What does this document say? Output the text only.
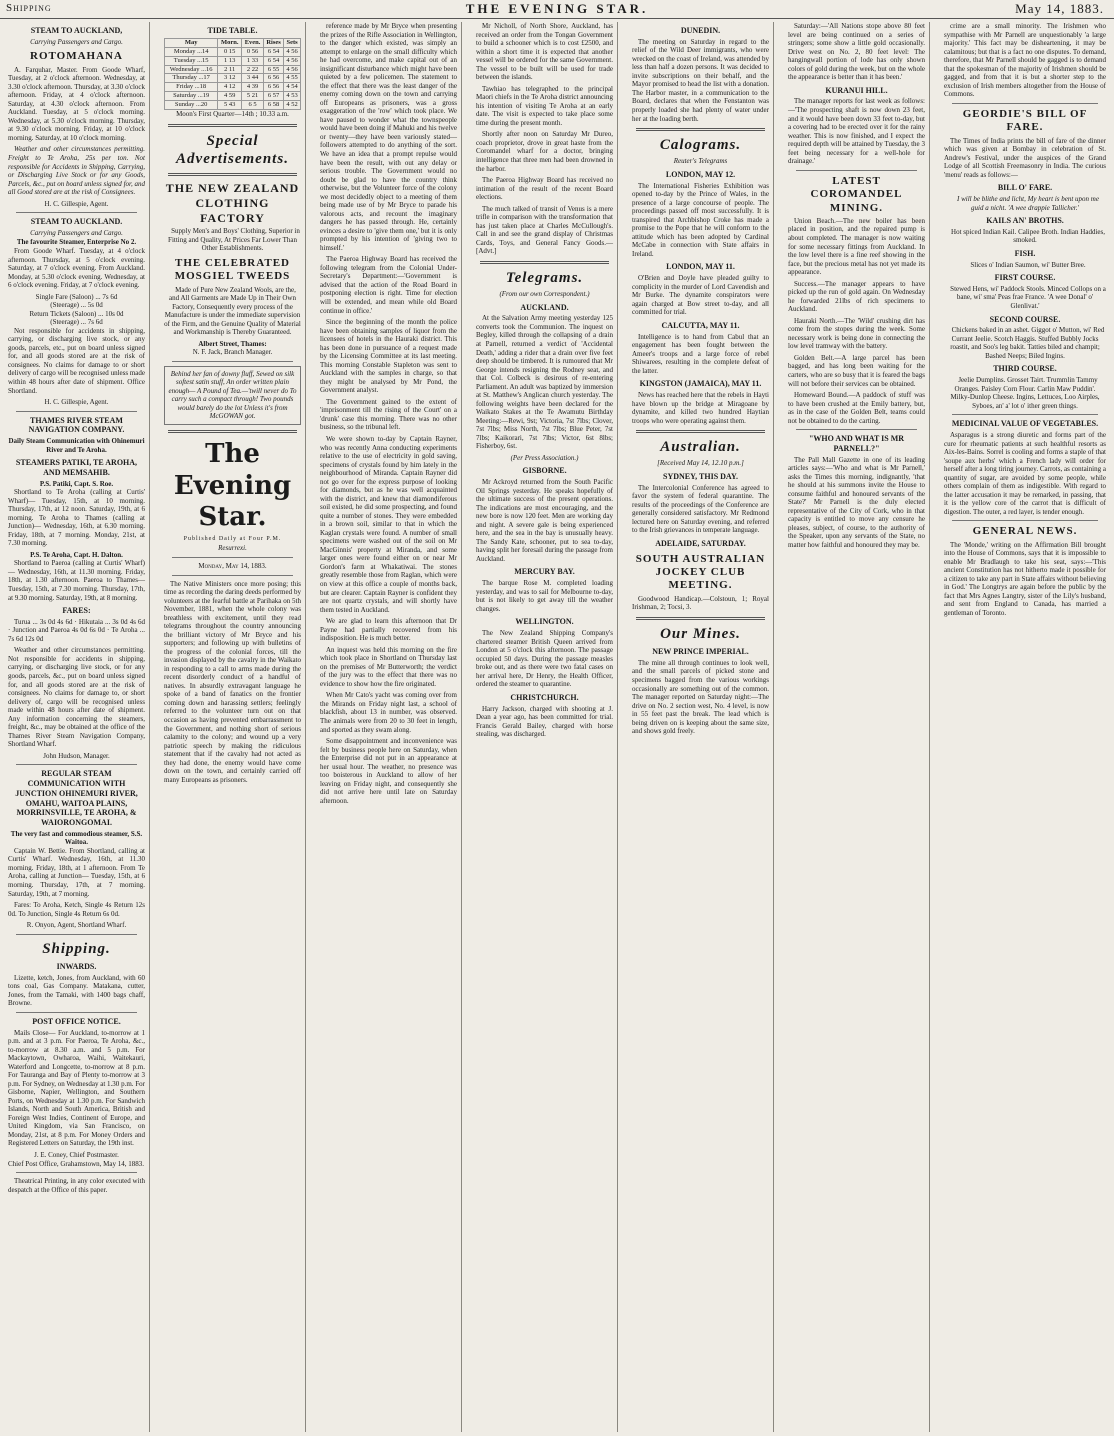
Shipping	THE EVENING STAR.	May 14, 1883.
STEAM TO AUCKLAND,
Carrying Passengers and Cargo.
ROTOMAHANA

A. Farquhar, Master. From Goode Wharf, Tuesday, at 2 o'clock afternoon. Wednesday, at 3.30 o'clock afternoon. Thursday, at 3.30 o'clock afternoon. Friday, at 4 o'clock afternoon. Saturday, at 4.30 o'clock afternoon. From Auckland. Tuesday, at 5 o'clock morning. Wednesday, at 5.30 o'clock morning. Thursday, at 9.30 o'clock morning. Friday, at 10 o'clock morning. Saturday, at 10 o'clock morning.

Weather and other circumstances permitting. Freight to Te Aroha, 25s per ton. Not responsible for Accidents in Shipping, Carrying, or Discharging Live Stock or for any Goods, Parcels, &c., put on board unless signed for, and all Good stored are at the risk of Consignees.

H. C. Gillespie, Agent.
STEAM TO AUCKLAND.
Carrying Passengers and Cargo.
The favourite Steamer, Enterprise No 2.

From Goode Wharf. Tuesday, at 4 o'clock afternoon. Thursday, at 5 o'clock evening. Saturday, at 7 o'clock evening. From Auckland. Monday, at 5.30 o'clock evening. Wednesday, at 6 o'clock evening. Friday, at 7 o'clock evening.

Single Fare (Saloon) ... 7s 6d
(Steerage) ... 5s 0d
Return Tickets (Saloon) ... 10s 0d
(Steerage) ... 7s 6d

Not responsible for accidents in shipping, carrying, or discharging live stock, or any goods, parcels, etc., put on board unless signed for, and all goods stored are at the risk of consignees. No claims for damage to or short delivery of cargo will be recognised unless made within 48 hours after date of shipment. Office Shortland.

H. C. Gillespie, Agent.
THAMES RIVER STEAM NAVIGATION COMPANY.
Daily Steam Communication with Ohinemuri River and Te Aroha.
STEAMERS PATIKI, TE AROHA, AND MEMSAHIB.
P.S. Patiki, Capt. S. Roe.

Shortland to Te Aroha (calling at Curtis' Wharf)— Tuesday, 15th, at 10 morning. Thursday, 17th, at 12 noon. Saturday, 19th, at 6 morning. Te Aroha to Thames (calling at Junction)— Wednesday, 16th, at 6.30 morning. Friday, 18th, at 7 morning. Monday, 21st, at 7.30 morning.

P.S. Te Aroha, Capt. H. Dalton.

Shortland to Paeroa (calling at Curtis' Wharf)— Wednesday, 16th, at 11.30 morning. Friday, 18th, at 1.30 afternoon. Paeroa to Thames— Tuesday, 15th, at 7.30 morning. Thursday, 17th, at 9.30 morning. Saturday, 19th, at 8 morning.

FARES:

Turua ... 3s 0d 4s 6d · Hikutaia ... 3s 0d 4s 6d · Junction and Paeroa 4s 0d 6s 0d · Te Aroha ... 7s 6d 12s 0d

Weather and other circumstances permitting. Not responsible for accidents in shipping, carrying, or discharging live stock, or for any goods, parcels, &c., put on board unless signed for, and all goods stored are at the risk of consignees. No claims for damage to, or short delivery of, cargo will be recognised unless made within 48 hours after date of shipment. Any information concerning the steamers, freight, &c., may be obtained at the office of the Thames River Steam Navigation Company, Shortland Wharf.

John Hudson, Manager.
REGULAR STEAM COMMUNICATION WITH JUNCTION OHINEMURI RIVER, OMAHU, WAITOA PLAINS, MORRINSVILLE, TE AROHA, & WAIORONGOMAI.
The very fast and commodious steamer, S.S. Waitoa.

Captain W. Bettie. From Shortland, calling at Curtis' Wharf. Wednesday, 16th, at 11.30 morning. Friday, 18th, at 1 afternoon. From Te Aroha, calling at Junction— Tuesday, 15th, at 6 morning. Thursday, 17th, at 7 morning. Saturday, 19th, at 7 morning.

Fares: To Aroha, Ketch, Single 4s Return 12s 0d. To Junction, Single 4s Return 6s 0d.

R. Onyon, Agent, Shortland Wharf.
Shipping.
INWARDS.

Lizette, ketch, Jones, from Auckland, with 60 tons coal, Gas Company. Matakana, cutter, Jones, from the Tamaki, with 1400 bags chaff, Browne.

POST OFFICE NOTICE.

Mails Close— For Auckland, to-morrow at 1 p.m. and at 3 p.m. For Paeroa, Te Aroha, &c., to-morrow at 8.30 a.m. and 5 p.m. For Mackaytown, Owharoa, Waihi, Waitekauri, Waterford and Longcette, to-morrow at 8 p.m. For Tauranga and Bay of Plenty to-morrow at 3 p.m. For Sydney, on Wednesday at 1.30 p.m. For Gisborne, Napier, Wellington, and Southern Ports, on Wednesday at 1.30 p.m. For Sandwich Islands, North and South America, British and Foreign West Indies, Continent of Europe, and United Kingdom, via San Francisco, on Monday, 21st, at 8 p.m. For Money Orders and Registered Letters on Saturday, the 19th inst.

J. E. Coney, Chief Postmaster.
Chief Post Office, Grahamstown, May 14, 1883.

Theatrical Printing, in any color executed with despatch at the Office of this paper.

TIDE TABLE.
May	Morn.	Even.	Rises	Sets
Monday ...14	0 15	0 56	6 54	4 56
Tuesday ...15	1 13	1 33	6 54	4 56
Wednesday ...16	2 11	2 22	6 55	4 56
Thursday ...17	3 12	3 44	6 56	4 55
Friday ...18	4 12	4 39	6 56	4 54
Saturday ...19	4 59	5 21	6 57	4 53
Sunday ...20	5 43	6 5	6 58	4 52
Moon's First Quarter—14th ; 10.33 a.m.
Special Advertisements.
THE NEW ZEALAND CLOTHING FACTORY

Supply Men's and Boys' Clothing, Superior in Fitting and Quality, At Prices Far Lower Than Other Establishments.

THE CELEBRATED MOSGIEL TWEEDS

Made of Pure New Zealand Wools, are the, and All Garments are Made Up in Their Own Factory, Consequently every process of the Manufacture is under the immediate supervision of the Firm, and the Genuine Quality of Material and Workmanship is Thereby Guaranteed.

Albert Street, Thames:
N. F. Jack, Branch Manager.
Behind her fan of downy fluff, Sewed on silk softest satin stuff, An order written plain enough— A Pound of Tea.—'twill never do To carry such a compact through! Two pounds would barely do the lot Unless it's from McGOWAN got.
The Evening Star.
Published Daily at Four P.M.
Resurrexi.
Monday, May 14, 1883.

The Native Ministers once more posing; this time as recording the daring deeds performed by volunteers at the fearful battle at Parihaka on 5th November, 1881, when the whole colony was breathless with excitement, until they read telegrams throughout the country announcing the brilliant victory of Mr Bryce and his supporters; and following up with bulletins of the progress of the colonial forces, till the invasion displayed by the cavalry in the Waikato in responding to a call to arms made during the recent disorderly conduct of a handful of natives. In absurdly extravagant language he spoke of a band of fanatics on the frontier coming down and harassing settlers; feelingly referred to the volunteer turn out on that occasion as having prevented embarrassment to the Government, and nothing short of serious calamity to the colony; and wound up a very patriotic speech by making the ridiculous statement that if the cavalry had not acted as they had done, the enemy would have come down on the town, and certainly carried off many Europeans as prisoners.

reference made by Mr Bryce when presenting the prizes of the Rifle Association in Wellington, to the danger which existed, was simply an attempt to enlarge on the small difficulty which he had overcome, and make capital out of an insignificant disturbance which might have been quieted by a few policemen. The statement to the effect that there was the least danger of the enemy coming down on the town and carrying off Europeans as prisoners, was a gross exaggeration of the 'row' which took place. We have paused to wonder what the townspeople would have been doing if Mahuki and his twelve or twenty—they have been variously stated—followers attempted to do anything of the sort. We have an idea that a prompt repulse would have been the result, with out any delay or serious trouble. The Government would no doubt be glad to have the country think otherwise, but the Volunteer force of the colony we most decidedly object to a meeting of them being made use of by Mr Bryce to parade his valorous acts, and recount the imaginary dangers he has passed through. He, certainly evinces a desire to 'give them one,' but it is only prompted by his intention of 'giving two to himself.'

The Paeroa Highway Board has received the following telegram from the Colonial Under-Secretary's Department:—'Government is advised that the action of the Road Board in postponing election is right. Time for election will be extended, and mean while old Board continue in office.'

Since the beginning of the month the police have been obtaining samples of liquor from the licensees of hotels in the Hauraki district. This has been done in pursuance of a request made by the Licensing Committee at its last meeting. This morning Constable Stapleton was sent to Auckland with the samples in charge, so that they might be analysed by Mr Pond, the Government analyst.

The Government gained to the extent of 'imprisonment till the rising of the Court' on a 'drunk' case this morning. There was no other business, so the tribunal left.

We were shown to-day by Captain Rayner, who was recently Anna conducting experiments relative to the use of electricity in gold saving, specimens of crystals found by him lately in the neighbourhood of Miranda. Captain Rayner did not go over for the express purpose of looking for diamonds, but as he was well acquainted with the district, and knew that diamondiferous soil existed, he did some prospecting, and found quite a number of stones. They were embedded in a brown soil, similar to that in which the Kaglan crystals were found. A number of small specimens were washed out of the soil on Mr MacGinnis' property at Miranda, and some larger ones were found either on or near Mr Gordon's farm at Whakatiwai. The stones greatly resemble those from Raglan, which were on view at this office a couple of months back, but are clearer. Captain Rayner is confident they are not quartz crystals, and will shortly have them tested in Auckland.

We are glad to learn this afternoon that Dr Payne had partially recovered from his indisposition. He is much better.

An inquest was held this morning on the fire which took place in Shortland on Thursday last on the premises of Mr Butterworth; the verdict of the jury was to the effect that there was no evidence to show how the fire originated.

When Mr Cato's yacht was coming over from the Mirands on Friday night last, a school of blackfish, about 13 in number, was observed. The animals were from 20 to 30 feet in length, and sported as they swam along.

Some disappointment and inconvenience was felt by business people here on Saturday, when the Enterprise did not put in an appearance at her usual hour. The weather, no presence was too boisterous in Auckland to allow of her leaving on Friday night, and consequently she did not arrive here until late on Saturday afternoon.

Mr Nicholl, of North Shore, Auckland, has received an order from the Tongan Government to build a schooner which is to cost £2500, and within a short time it is expected that another vessel will be ordered for the same Government. The vessel to be built will be used for trade between the islands.

Tawhiao has telegraphed to the principal Maori chiefs in the Te Aroha district announcing his intention of visiting Te Aroha at an early date. The visit is expected to take place some time during the present month.

Shortly after noon on Saturday Mr Dureo, coach proprietor, drove in great haste from the Coromandel wharf for a doctor, bringing intelligence that three men had been drowned in the harbor.

The Paeroa Highway Board has received no intimation of the result of the recent Board elections.

The much talked of transit of Venus is a mere trifle in comparison with the transformation that has just taken place at Charles McCullough's. Call in and see the grand display of Christmas Cards, Toys, and General Fancy Goods.—[Advt.]

Telegrams.
(From our own Correspondent.)
AUCKLAND.

At the Salvation Army meeting yesterday 125 converts took the Communion. The inquest on Begley, killed through the collapsing of a drain at Parnell, returned a verdict of 'Accidental Death,' adding a rider that a drain over five feet deep should be timbered. It is rumoured that Mr George intends resigning the Rodney seat, and that Col. Colbeck is desirous of re-entering Parliament. An adult was baptized by immersion at St. Matthew's Anglican church yesterday. The following weights have been declared for the Waikato Stakes at the Te Awamutu Birthday Meeting:—Rewi, 9st; Victoria, 7st 7lbs; Clover, 7st 7lbs; Miss North, 7st 7lbs; Blue Peter, 7st 7lbs; Kaikorari, 7st 7lbs; Victor, 6st 8lbs; Fisherboy, 6st.

(Per Press Association.)
GISBORNE.

Mr Ackroyd returned from the South Pacific Oil Springs yesterday. He speaks hopefully of the ultimate success of the present operations. The indications are most encouraging, and the new bore is now 120 feet. Men are working day and night. A severe gale is being experienced here, and the sea in the bay is unusually heavy. The Sandy Kate, schooner, put to sea to-day, having split her foresail during the passage from Auckland.

MERCURY BAY.

The barque Rose M. completed loading yesterday, and was to sail for Melbourne to-day, but is not likely to get away till the weather changes.

WELLINGTON.

The New Zealand Shipping Company's chartered steamer British Queen arrived from London at 5 o'clock this afternoon. The passage occupied 50 days. During the passage measles broke out, and as there were two fatal cases on her arrival here, Dr Henry, the Health Officer, ordered the steamer to quarantine.

CHRISTCHURCH.

Harry Jackson, charged with shooting at J. Dean a year ago, has been committed for trial. Francis Gerald Bailey, charged with horse stealing, was discharged.

DUNEDIN.

The meeting on Saturday in regard to the relief of the Wild Deer immigrants, who were wrecked on the coast of Ireland, was attended by less than half a dozen persons. It was decided to invite subscriptions on their behalf, and the Mayor promised to head the list with a donation. The Harbor master, in a communication to the Board, declares that when the Fenstanton was properly loaded she had plenty of water under her at the loading berth.

Calograms.
Reuter's Telegrams
LONDON, MAY 12.

The International Fisheries Exhibition was opened to-day by the Prince of Wales, in the presence of a large concourse of people. The proceedings passed off most successfully. It is transpired that Archbishop Croke has made a promise to the Pope that he will conform to the attitude which has been adopted by Cardinal McCabe in connection with State affairs in Ireland.

LONDON, MAY 11.

O'Brien and Doyle have pleaded guilty to complicity in the murder of Lord Cavendish and Mr Burke. The dynamite conspirators were again charged at Bow street to-day, and all committed for trial.

CALCUTTA, MAY 11.

Intelligence is to hand from Cabul that an engagement has been fought between the Ameer's troops and a large force of rebel Shiwarees, resulting in the complete defeat of the latter.

KINGSTON (JAMAICA), MAY 11.

News has reached here that the rebels in Hayti have blown up the bridge at Miragoane by dynamite, and killed two hundred Haytian troops who were operating against them.

Australian.
[Received May 14, 12.10 p.m.]
SYDNEY, THIS DAY.

The Intercolonial Conference has agreed to favor the system of federal quarantine. The results of the proceedings of the Conference are generally considered satisfactory. Mr Redmond lectured here on Saturday evening, and referred to the Irish grievances in temperate language.

ADELAIDE, SATURDAY.
SOUTH AUSTRALIAN JOCKEY CLUB MEETING.

Goodwood Handicap.—Colstoun, 1; Royal Irishman, 2; Tocsi, 3.

Our Mines.
NEW PRINCE IMPERIAL.

The mine all through continues to look well, and the small parcels of picked stone and specimens bagged from the various workings occasionally are something out of the common. The manager reported on Saturday night:—The drive on No. 2 section west, No. 4 level, is now in 55 feet past the break. The lead which is being driven on is keeping about the same size, and shows gold freely.

Saturday:—'All Nations stope above 80 feet level are being continued on a series of stringers; some show a little gold occasionally. Drive west on No. 2, 80 feet level: The hangingwall portion of lode has only shown colors of gold during the week, but on the whole the appearance is better than it has been.'

KURANUI HILL.

The manager reports for last week as follows:—'The prospecting shaft is now down 23 feet, and it would have been down 33 feet to-day, but a covering had to be erected over it for the rainy weather. This is now finished, and I expect the required depth will be attained by Tuesday, the 3 feet being necessary for a well-hole for drainage.'

LATEST COROMANDEL MINING.

Union Beach.—The new boiler has been placed in position, and the repaired pump is about completed. The manager is now waiting for some necessary fittings from Auckland. In the low level there is a fine reef showing in the face, but the precious metal has not yet made its appearance.

Success.—The manager appears to have picked up the run of gold again. On Wednesday he forwarded 21lbs of rich specimens to Auckland.

Hauraki North.—The 'Wild' crushing dirt has come from the stopes during the week. Some necessary work is being done in connecting the low level tramway with the battery.

Golden Belt.—A large parcel has been bagged, and has long been waiting for the carters, who are so busy that it is feared the bags will not before their services can be obtained.

Homeward Bound.—A paddock of stuff was to have been crushed at the Emily battery, but, as in the case of the Golden Belt, teams could not be obtained to do the carting.

"WHO AND WHAT IS MR PARNELL?"

The Pall Mall Gazette in one of its leading articles says:—'Who and what is Mr Parnell,' asks the Times this morning, indignantly, 'that he should at his summons invite the House to consume faithful and honoured servants of the State?' Mr Parnell is the duly elected representative of the City of Cork, who in that capacity is entitled to move any censure he pleases, subject, of course, to the authority of the Speaker, upon any servants of the State, no matter how faithful and honoured they may be.

crime are a small minority. The Irishmen who sympathise with Mr Parnell are unquestionably 'a large majority.' This fact may be disheartening, it may be calamitous; but that is a fact no one disputes. To demand, therefore, that Mr Parnell should be gagged is to demand that the spokesman of the majority of Irishmen should be gagged, and from that it is but a shorter step to the exclusion of Irish members altogether from the House of Commons.

GEORDIE'S BILL OF FARE.

The Times of India prints the bill of fare of the dinner which was given at Bombay in celebration of St. Andrew's Festival, under the auspices of the Grand Lodge of all Scottish Freemasonry in India. The curious 'menu' reads as follows:—

BILL O' FARE.

I will be blithe and licht, My heart is bent upon me guid a nicht. 'A wee drappie Tallicher.'

KAILS AN' BROTHS.

Hot spiced Indian Kail. Calipee Broth. Indian Haddies, smoked.

FISH.

Slices o' Indian Saumon, wi' Butter Bree.

FIRST COURSE.

Stewed Hens, wi' Paddock Stools. Minced Collops on a bane, wi' sma' Peas frae France. 'A wee Donal' o' Glenlivat.'

SECOND COURSE.

Chickens baked in an ashet. Giggot o' Mutton, wi' Red Currant Jeelie. Scotch Haggis. Stuffed Bubbly Jocks roastit, and Soo's leg bakit. Tatties biled and champit; Bashed Neeps; Biled Ingins.

THIRD COURSE.

Jeelie Dumplins. Grosset Tairt. Trummlin Tammy Oranges. Paisley Corn Flour. Carlin Maw Puddin'. Milky-Dunlop Cheese. Ingins, Lettuces, Loo Airples, Syboes, an' a' lot o' ither green things.

MEDICINAL VALUE OF VEGETABLES.

Asparagus is a strong diuretic and forms part of the cure for rheumatic patients at such healthful resorts as Aix-les-Bains. Sorrel is cooling and forms a staple of that 'soupe aux herbs' which a French lady will order for herself after a long tiring journey. Carrots, as containing a quantity of sugar, are avoided by some people, while others complain of them as indigestible. With regard to the latter accusation it may be remarked, in passing, that it is the yellow core of the carrot that is difficult of digestion. The outer, a red layer, is tender enough.

GENERAL NEWS.

The 'Monde,' writing on the Affirmation Bill brought into the House of Commons, says that it is impossible to enable Mr Bradlaugh to take his seat, says:—'This ancient Constitution has not hitherto made it possible for a citizen to take any part in State affairs without believing in God.' The Longtrys are again before the public by the fact that Mrs Agnes Langtry, sister of the Lily's husband, and sent from England to Canada, has married a gentleman of Toronto.
